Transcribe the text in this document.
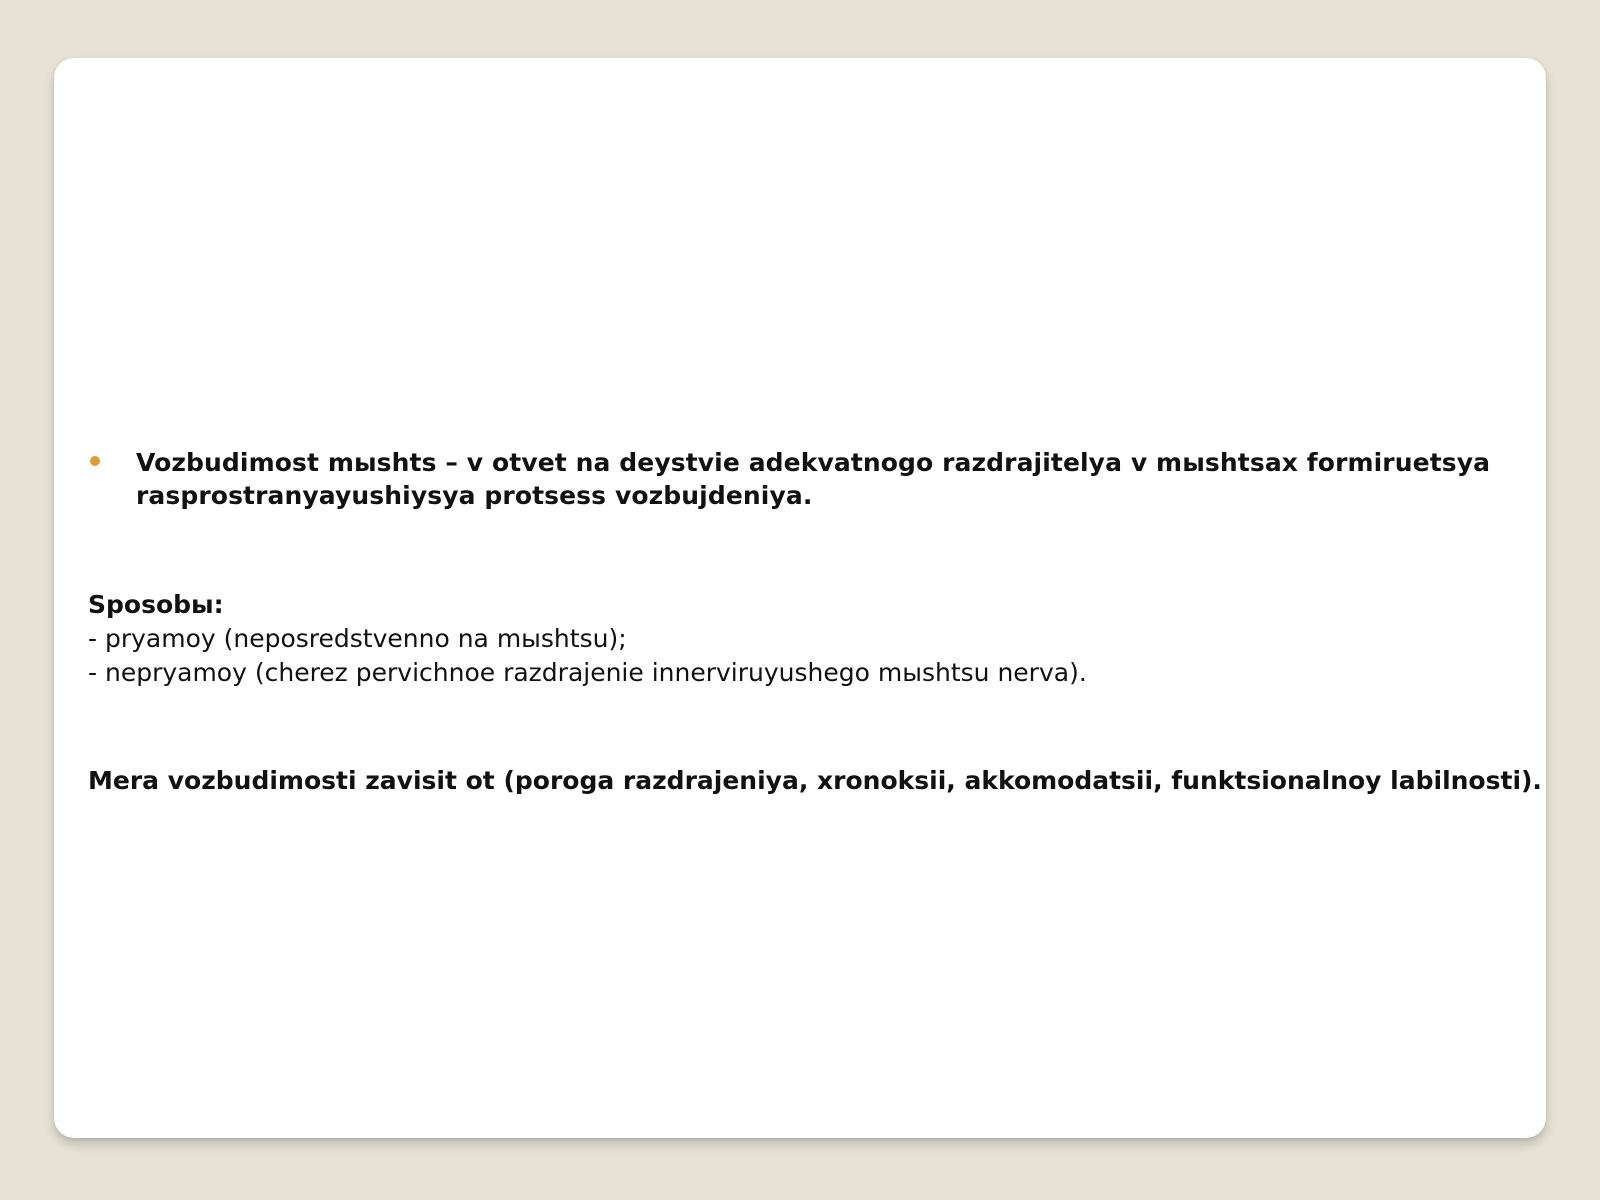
Vozbudimost mыshts – v otvet na deystvie adekvatnogo razdrajitelya v mыshtsax formiruetsya rasprostranyayushiysya protsess vozbujdeniya.

Sposobы:
- pryamoy (neposredstvenno na mыshtsu);
- nepryamoy (cherez pervichnoe razdrajenie innerviruyushego mыshtsu nerva).
Mera vozbudimosti zavisit ot (poroga razdrajeniya, xronoksii, akkomodatsii, funktsionalnoy labilnosti).
